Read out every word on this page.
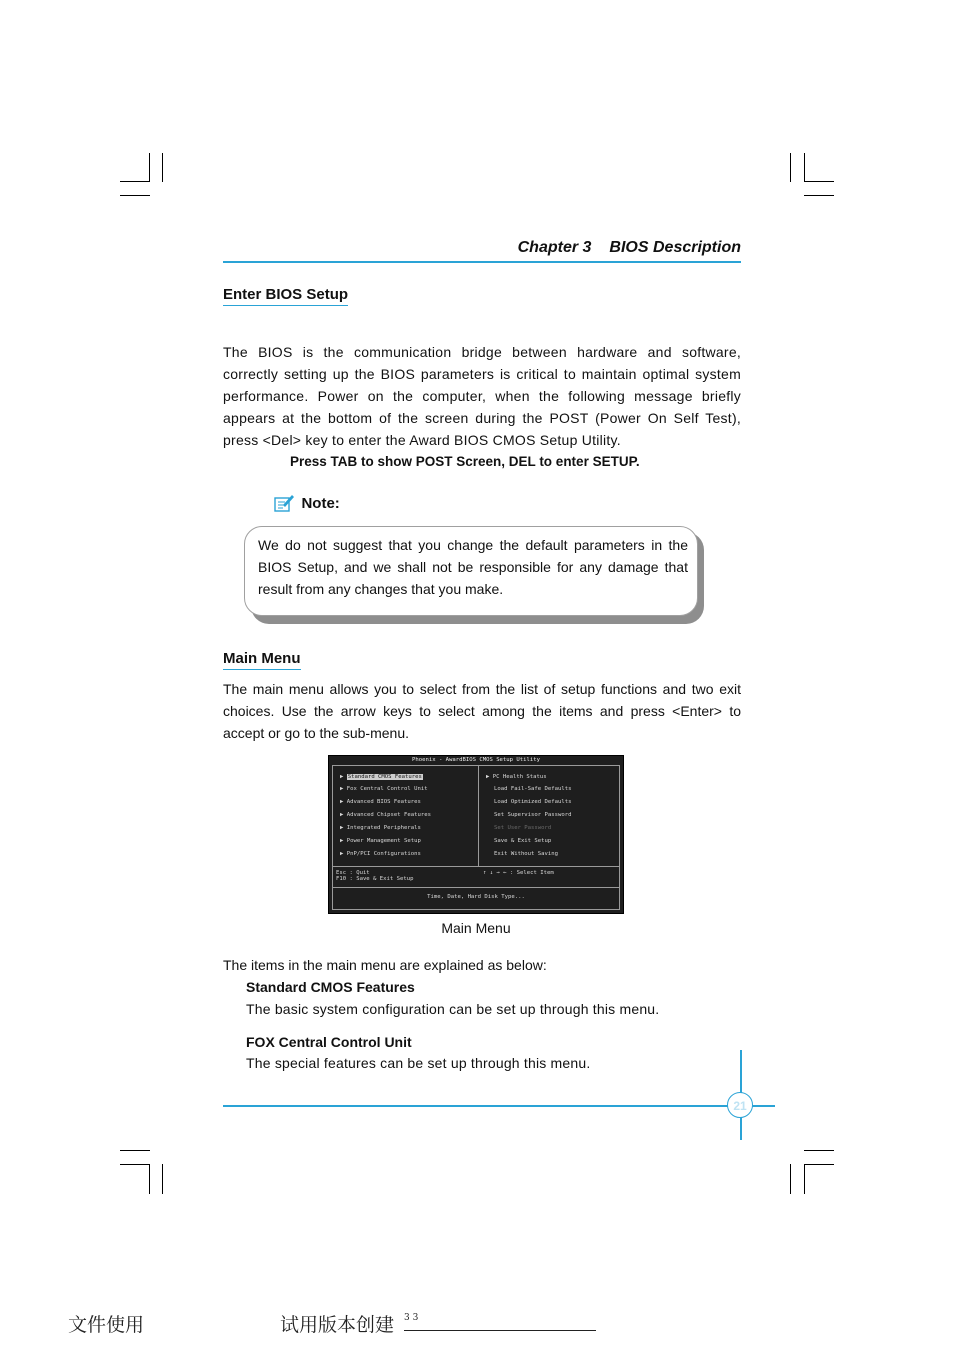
Chapter 3 BIOS Description
Enter BIOS Setup

The BIOS is the communication bridge between hardware and software, correctly setting up the BIOS parameters is critical to maintain optimal system performance. Power on the computer, when the following message briefly appears at the bottom of the screen during the POST (Power On Self Test), press <Del> key to enter the Award BIOS CMOS Setup Utility.

Press TAB to show POST Screen, DEL to enter SETUP.
Note:

We do not suggest that you change the default parameters in the BIOS Setup, and we shall not be responsible for any damage that result from any changes that you make.

Main Menu

The main menu allows you to select from the list of setup functions and two exit choices. Use the arrow keys to select among the items and press <Enter> to accept or go to the sub-menu.

Phoenix - AwardBIOS CMOS Setup Utility
▶ Standard CMOS Features
▶ Fox Central Control Unit
▶ Advanced BIOS Features
▶ Advanced Chipset Features
▶ Integrated Peripherals
▶ Power Management Setup
▶ PnP/PCI Configurations
▶ PC Health Status
Load Fail-Safe Defaults
Load Optimized Defaults
Set Supervisor Password
Set User Password
Save & Exit Setup
Exit Without Saving
Esc : Quit
F10 : Save & Exit Setup
↑ ↓ → ← : Select Item
Time, Date, Hard Disk Type...
Main Menu
The items in the main menu are explained as below:
Standard CMOS Features
The basic system configuration can be set up through this menu.
FOX Central Control Unit
The special features can be set up through this menu.
21
文件使用	试用版本创建 3 3
